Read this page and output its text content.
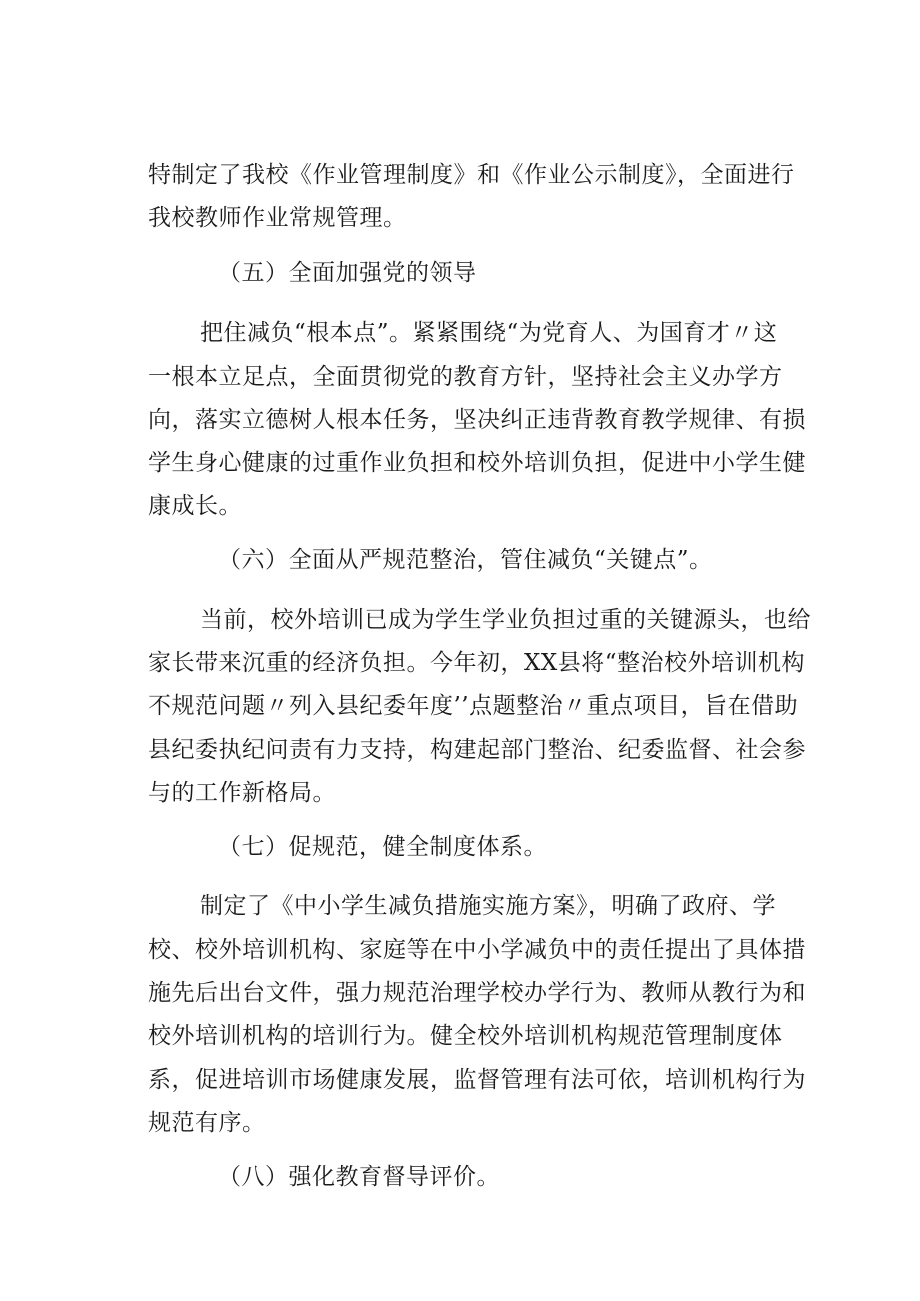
特制定了我校《作业管理制度》和《作业公示制度》，全面进行
我校教师作业常规管理。
（五）全面加强党的领导
把住减负“根本点”。紧紧围绕“为党育人、为国育才〃这
一根本立足点，全面贯彻党的教育方针，坚持社会主义办学方
向，落实立德树人根本任务，坚决纠正违背教育教学规律、有损
学生身心健康的过重作业负担和校外培训负担，促进中小学生健
康成长。
（六）全面从严规范整治，管住减负“关键点”。
当前，校外培训已成为学生学业负担过重的关键源头，也给
家长带来沉重的经济负担。今年初，XX县将“整治校外培训机构
不规范问题〃列入县纪委年度’’点题整治〃重点项目，旨在借助
县纪委执纪问责有力支持，构建起部门整治、纪委监督、社会参
与的工作新格局。
（七）促规范，健全制度体系。
制定了《中小学生减负措施实施方案》，明确了政府、学
校、校外培训机构、家庭等在中小学减负中的责任提出了具体措
施先后出台文件，强力规范治理学校办学行为、教师从教行为和
校外培训机构的培训行为。健全校外培训机构规范管理制度体
系，促进培训市场健康发展，监督管理有法可依，培训机构行为
规范有序。
（八）强化教育督导评价。
